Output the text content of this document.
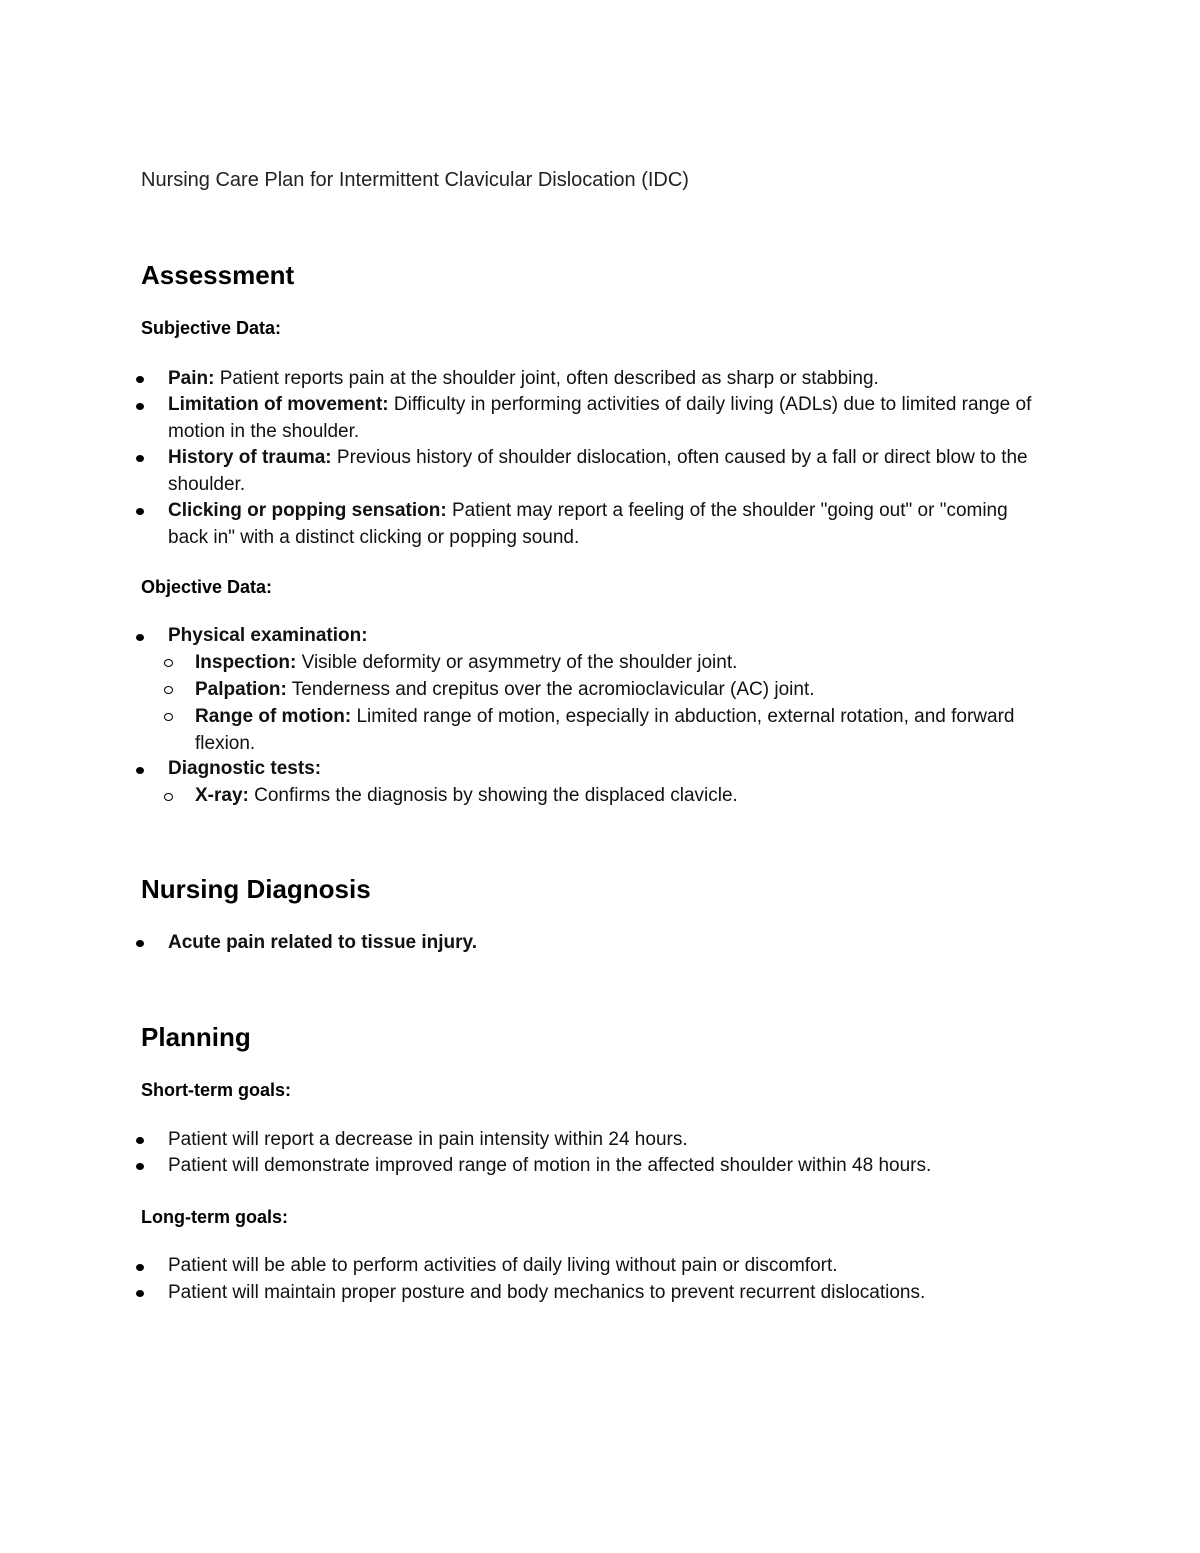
Nursing Care Plan for Intermittent Clavicular Dislocation (IDC)
Assessment
Subjective Data:
Pain: Patient reports pain at the shoulder joint, often described as sharp or stabbing.
Limitation of movement: Difficulty in performing activities of daily living (ADLs) due to limited range of motion in the shoulder.
History of trauma: Previous history of shoulder dislocation, often caused by a fall or direct blow to the shoulder.
Clicking or popping sensation: Patient may report a feeling of the shoulder "going out" or "coming back in" with a distinct clicking or popping sound.
Objective Data:
Physical examination:
Inspection: Visible deformity or asymmetry of the shoulder joint.
Palpation: Tenderness and crepitus over the acromioclavicular (AC) joint.
Range of motion: Limited range of motion, especially in abduction, external rotation, and forward flexion.
Diagnostic tests:
X-ray: Confirms the diagnosis by showing the displaced clavicle.
Nursing Diagnosis
Acute pain related to tissue injury.
Planning
Short-term goals:
Patient will report a decrease in pain intensity within 24 hours.
Patient will demonstrate improved range of motion in the affected shoulder within 48 hours.
Long-term goals:
Patient will be able to perform activities of daily living without pain or discomfort.
Patient will maintain proper posture and body mechanics to prevent recurrent dislocations.
